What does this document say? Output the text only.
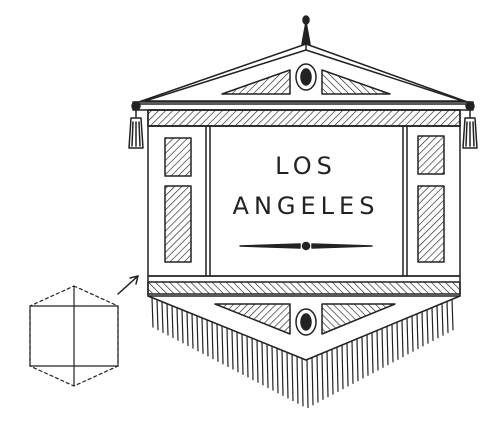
LOS
ANGELES
